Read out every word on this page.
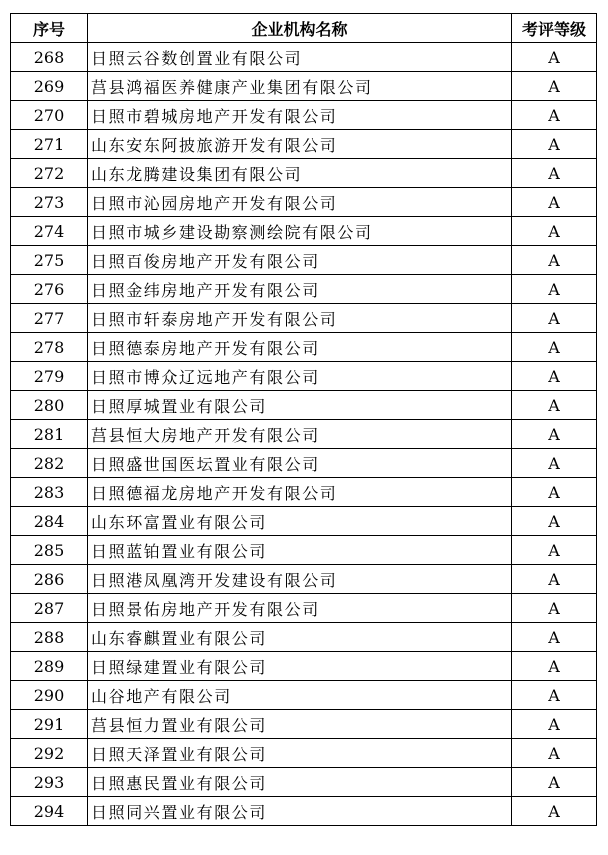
序号	企业机构名称	考评等级
268	日照云谷数创置业有限公司	A
269	莒县鸿福医养健康产业集团有限公司	A
270	日照市碧城房地产开发有限公司	A
271	山东安东阿披旅游开发有限公司	A
272	山东龙腾建设集团有限公司	A
273	日照市沁园房地产开发有限公司	A
274	日照市城乡建设勘察测绘院有限公司	A
275	日照百俊房地产开发有限公司	A
276	日照金纬房地产开发有限公司	A
277	日照市轩泰房地产开发有限公司	A
278	日照德泰房地产开发有限公司	A
279	日照市博众辽远地产有限公司	A
280	日照厚城置业有限公司	A
281	莒县恒大房地产开发有限公司	A
282	日照盛世国医坛置业有限公司	A
283	日照德福龙房地产开发有限公司	A
284	山东环富置业有限公司	A
285	日照蓝铂置业有限公司	A
286	日照港凤凰湾开发建设有限公司	A
287	日照景佑房地产开发有限公司	A
288	山东睿麒置业有限公司	A
289	日照绿建置业有限公司	A
290	山谷地产有限公司	A
291	莒县恒力置业有限公司	A
292	日照天泽置业有限公司	A
293	日照惠民置业有限公司	A
294	日照同兴置业有限公司	A
